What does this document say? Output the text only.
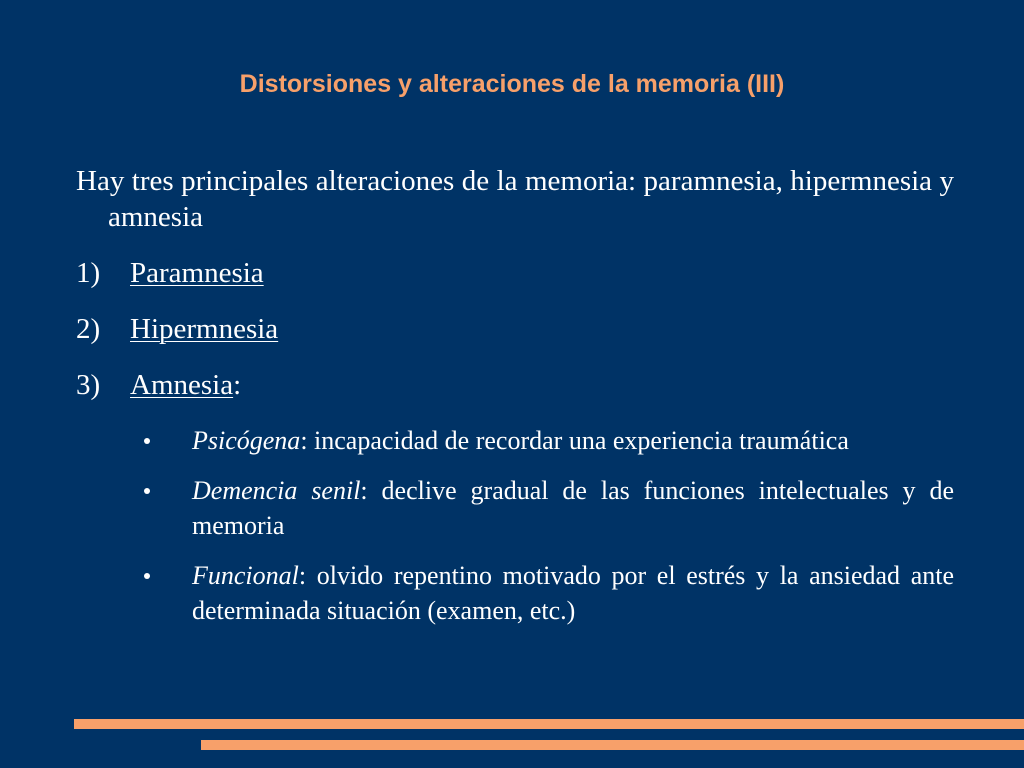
Distorsiones y alteraciones de la memoria (III)

Hay tres principales alteraciones de la memoria: paramnesia, hipermnesia y amnesia

1) Paramnesia
2) Hipermnesia
3) Amnesia:
Psicógena: incapacidad de recordar una experiencia traumática
Demencia senil: declive gradual de las funciones intelectuales y de memoria
Funcional: olvido repentino motivado por el estrés y la ansiedad ante determinada situación (examen, etc.)
